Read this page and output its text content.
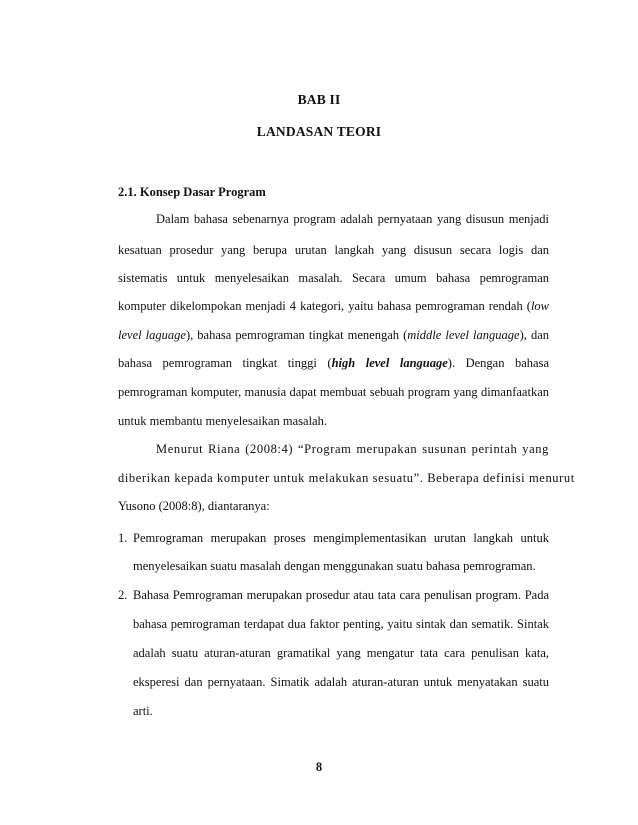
BAB II
LANDASAN TEORI
2.1. Konsep Dasar Program
Dalam bahasa sebenarnya program adalah pernyataan yang disusun menjadi
kesatuan prosedur yang berupa urutan langkah yang disusun secara logis dan
sistematis untuk menyelesaikan masalah. Secara umum bahasa pemrograman
komputer dikelompokan menjadi 4 kategori, yaitu bahasa pemrograman rendah (low
level laguage), bahasa pemrograman tingkat menengah (middle level language), dan
bahasa pemrograman tingkat tinggi (high level language). Dengan bahasa
pemrograman komputer, manusia dapat membuat sebuah program yang dimanfaatkan
untuk membantu menyelesaikan masalah.
Menurut Riana (2008:4) “Program merupakan susunan perintah yang
diberikan kepada komputer untuk melakukan sesuatu”. Beberapa definisi menurut
Yusono (2008:8), diantaranya:
1. Pemrograman merupakan proses mengimplementasikan urutan langkah untuk
menyelesaikan suatu masalah dengan menggunakan suatu bahasa pemrograman.
2. Bahasa Pemrograman merupakan prosedur atau tata cara penulisan program. Pada
bahasa pemrograman terdapat dua faktor penting, yaitu sintak dan sematik. Sintak
adalah suatu aturan-aturan gramatikal yang mengatur tata cara penulisan kata,
eksperesi dan pernyataan. Simatik adalah aturan-aturan untuk menyatakan suatu
arti.
8
